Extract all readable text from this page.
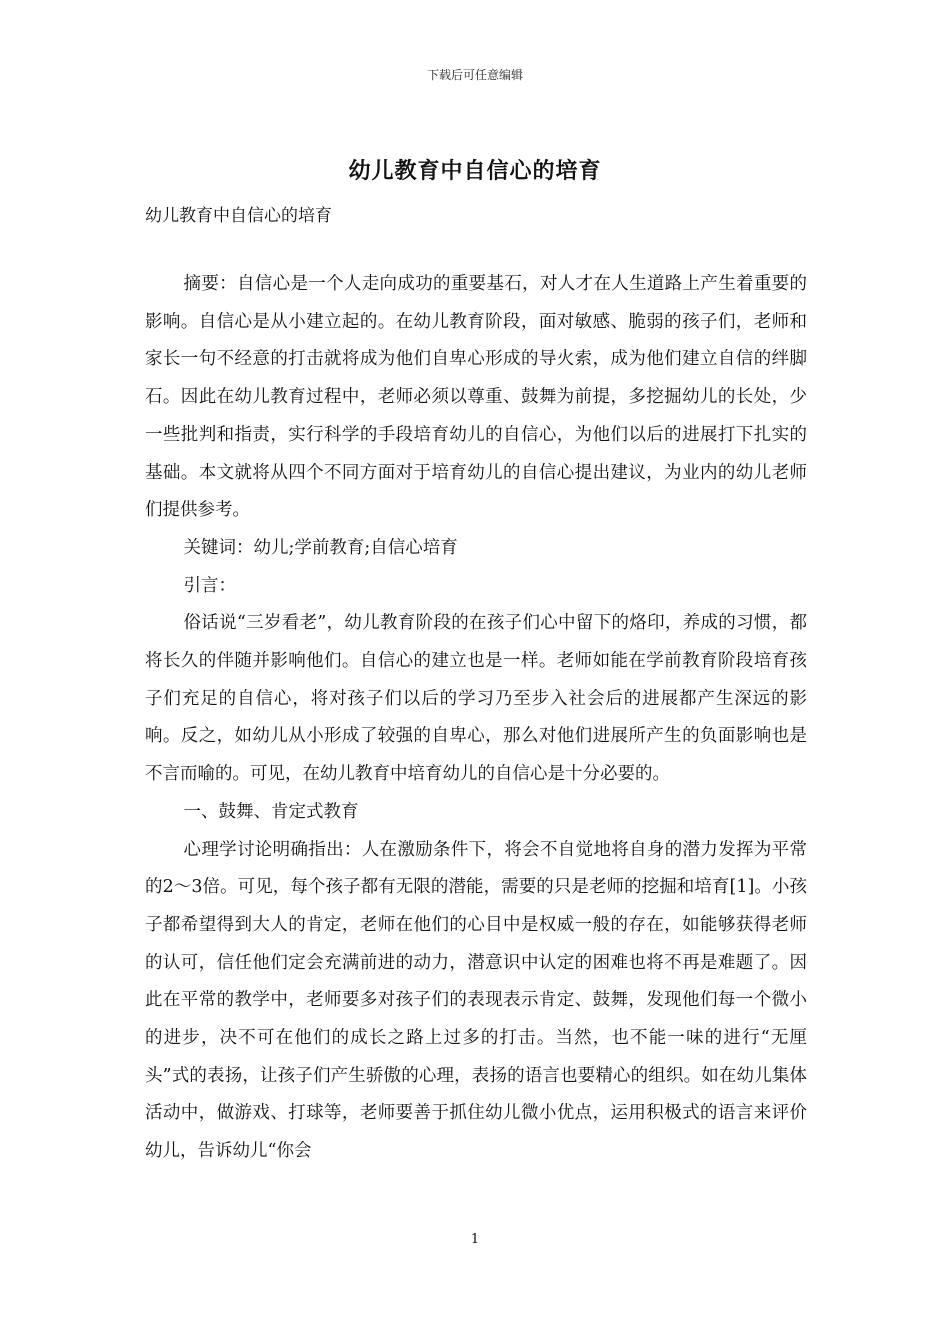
下载后可任意编辑
幼儿教育中自信心的培育
幼儿教育中自信心的培育

摘要：自信心是一个人走向成功的重要基石，对人才在人生道路上产生着重要的影响。自信心是从小建立起的。在幼儿教育阶段，面对敏感、脆弱的孩子们，老师和家长一句不经意的打击就将成为他们自卑心形成的导火索，成为他们建立自信的绊脚石。因此在幼儿教育过程中，老师必须以尊重、鼓舞为前提，多挖掘幼儿的长处，少一些批判和指责，实行科学的手段培育幼儿的自信心，为他们以后的进展打下扎实的基础。本文就将从四个不同方面对于培育幼儿的自信心提出建议，为业内的幼儿老师们提供参考。

关键词：幼儿;学前教育;自信心培育

引言：

俗话说“三岁看老”，幼儿教育阶段的在孩子们心中留下的烙印，养成的习惯，都将长久的伴随并影响他们。自信心的建立也是一样。老师如能在学前教育阶段培育孩子们充足的自信心，将对孩子们以后的学习乃至步入社会后的进展都产生深远的影响。反之，如幼儿从小形成了较强的自卑心，那么对他们进展所产生的负面影响也是不言而喻的。可见，在幼儿教育中培育幼儿的自信心是十分必要的。

一、鼓舞、肯定式教育

心理学讨论明确指出：人在激励条件下，将会不自觉地将自身的潜力发挥为平常的2～3倍。可见，每个孩子都有无限的潜能，需要的只是老师的挖掘和培育[1]。小孩子都希望得到大人的肯定，老师在他们的心目中是权威一般的存在，如能够获得老师的认可，信任他们定会充满前进的动力，潜意识中认定的困难也将不再是难题了。因此在平常的教学中，老师要多对孩子们的表现表示肯定、鼓舞，发现他们每一个微小的进步，决不可在他们的成长之路上过多的打击。当然，也不能一味的进行“无厘头”式的表扬，让孩子们产生骄傲的心理，表扬的语言也要精心的组织。如在幼儿集体活动中，做游戏、打球等，老师要善于抓住幼儿微小优点，运用积极式的语言来评价幼儿，告诉幼儿“你会

1
